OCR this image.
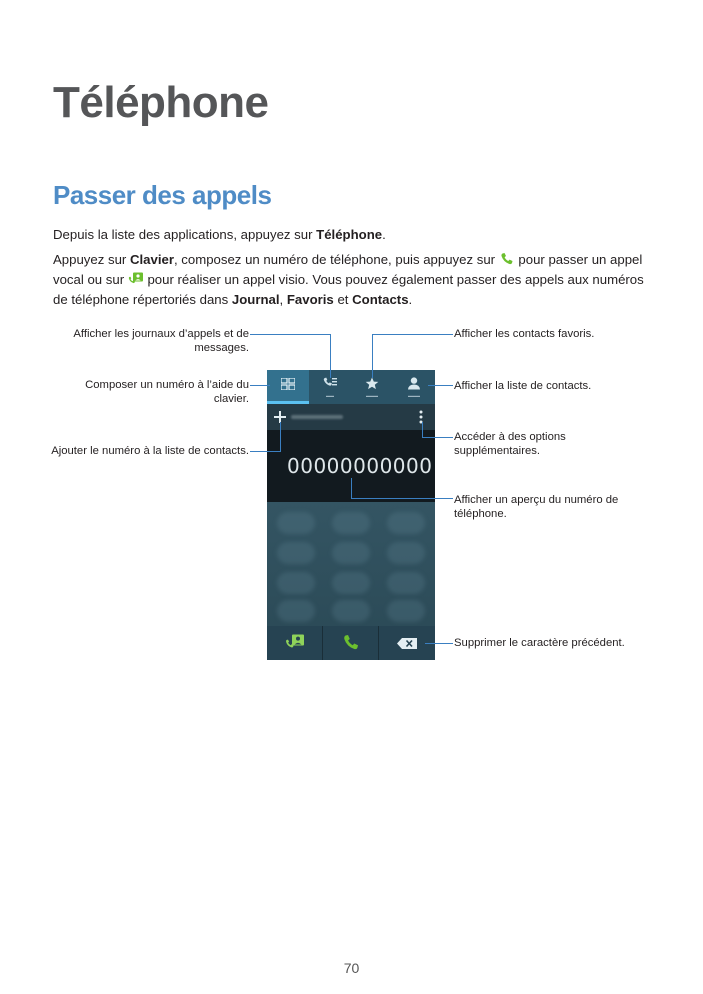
Téléphone
Passer des appels
Depuis la liste des applications, appuyez sur Téléphone.
Appuyez sur Clavier, composez un numéro de téléphone, puis appuyez sur  pour passer un appel vocal ou sur  pour réaliser un appel visio. Vous pouvez également passer des appels aux numéros de téléphone répertoriés dans Journal, Favoris et Contacts.
Afficher les journaux d’appels et de messages.
Composer un numéro à l’aide du clavier.
Ajouter le numéro à la liste de contacts.
Afficher les contacts favoris.
Afficher la liste de contacts.
Accéder à des options supplémentaires.
Afficher un aperçu du numéro de téléphone.
Supprimer le caractère précédent.
▬▬	▬▬▬	▬▬▬
00000000000
70
